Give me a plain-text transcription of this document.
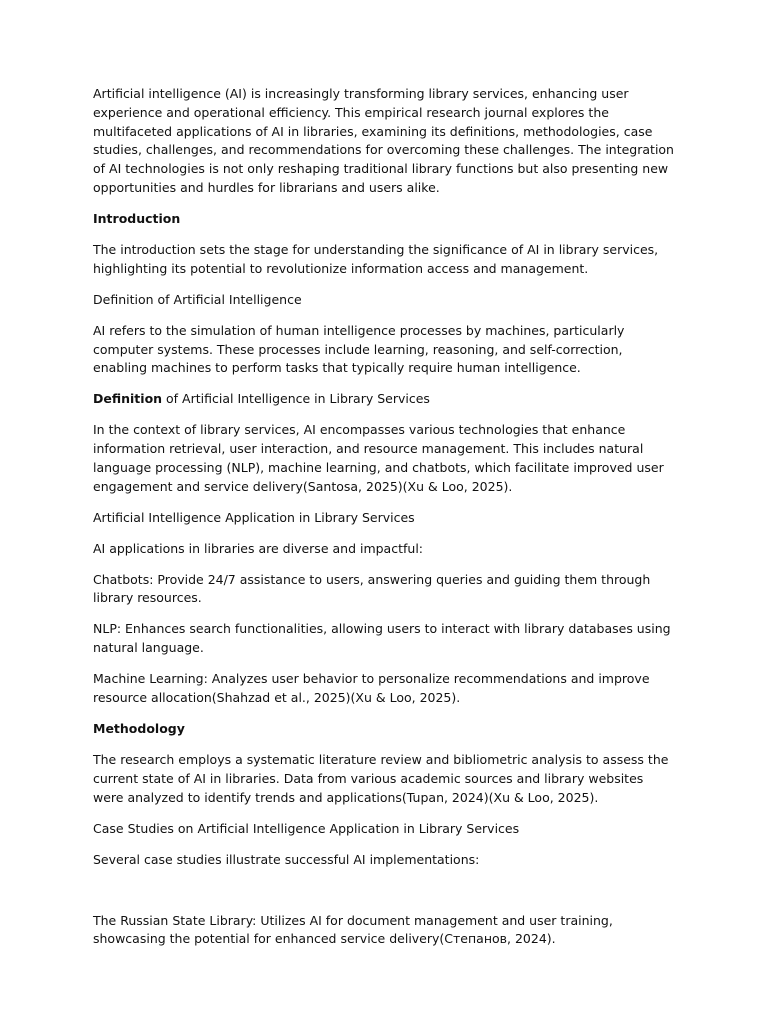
Artificial intelligence (AI) is increasingly transforming library services, enhancing user experience and operational efficiency. This empirical research journal explores the multifaceted applications of AI in libraries, examining its definitions, methodologies, case studies, challenges, and recommendations for overcoming these challenges. The integration of AI technologies is not only reshaping traditional library functions but also presenting new opportunities and hurdles for librarians and users alike.

Introduction

The introduction sets the stage for understanding the significance of AI in library services, highlighting its potential to revolutionize information access and management.

Definition of Artificial Intelligence

AI refers to the simulation of human intelligence processes by machines, particularly computer systems. These processes include learning, reasoning, and self-correction, enabling machines to perform tasks that typically require human intelligence.

Definition of Artificial Intelligence in Library Services

In the context of library services, AI encompasses various technologies that enhance information retrieval, user interaction, and resource management. This includes natural language processing (NLP), machine learning, and chatbots, which facilitate improved user engagement and service delivery(Santosa, 2025)(Xu & Loo, 2025).

Artificial Intelligence Application in Library Services

AI applications in libraries are diverse and impactful:

Chatbots: Provide 24/7 assistance to users, answering queries and guiding them through library resources.

NLP: Enhances search functionalities, allowing users to interact with library databases using natural language.

Machine Learning: Analyzes user behavior to personalize recommendations and improve resource allocation(Shahzad et al., 2025)(Xu & Loo, 2025).

Methodology

The research employs a systematic literature review and bibliometric analysis to assess the current state of AI in libraries. Data from various academic sources and library websites were analyzed to identify trends and applications(Tupan, 2024)(Xu & Loo, 2025).

Case Studies on Artificial Intelligence Application in Library Services

Several case studies illustrate successful AI implementations:

The Russian State Library: Utilizes AI for document management and user training, showcasing the potential for enhanced service delivery(Степанов, 2024).
